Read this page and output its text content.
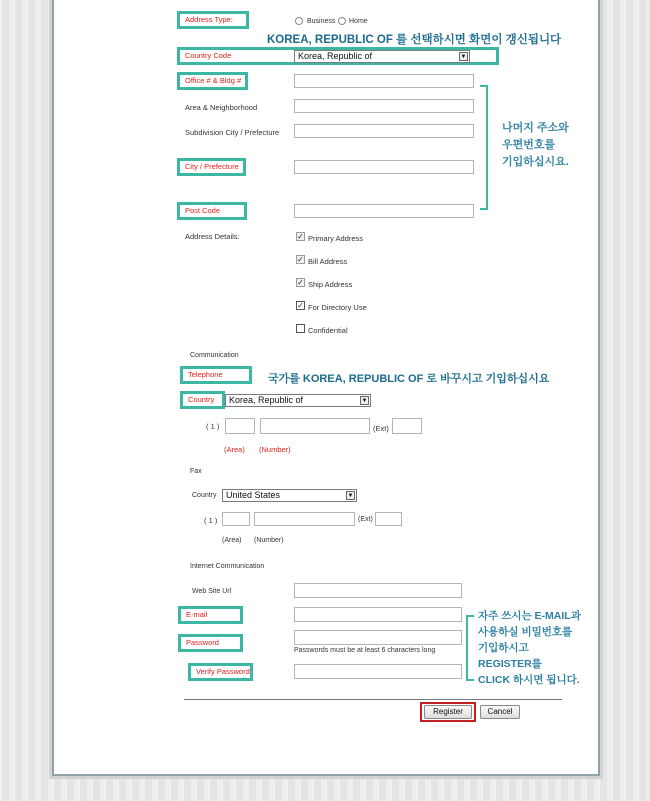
Address Type:	Business Home
KOREA, REPUBLIC OF 를 선택하시면 화면이 갱신됩니다
Country Code	Korea, Republic of	▼
Office # & Bldg #
Area & Neighborhood
Subdivision City / Prefecture
City / Prefecture
Post Code
나머지 주소와
우편번호를
기입하십시요.
Address Details:	✓ Primary Address
✓ Bill Address
✓ Ship Address
✓ For Directory Use
Confidential
Communication
Telephone	국가를 KOREA, REPUBLIC OF 로 바꾸시고 기입하십시요
Country	Korea, Republic of	▼
( 1 )	(Ext)
(Area) (Number)
Fax
Country	United States	▼
( 1 )	(Ext)
(Area) (Number)
Internet Communication
Web Site Url
E-mail
Password
Passwords must be at least 6 characters long
Verify Password
자주 쓰시는 E-MAIL과
사용하실 비밀번호를
기입하시고
REGISTER를
CLICK 하시면 됩니다.
Register	Cancel
